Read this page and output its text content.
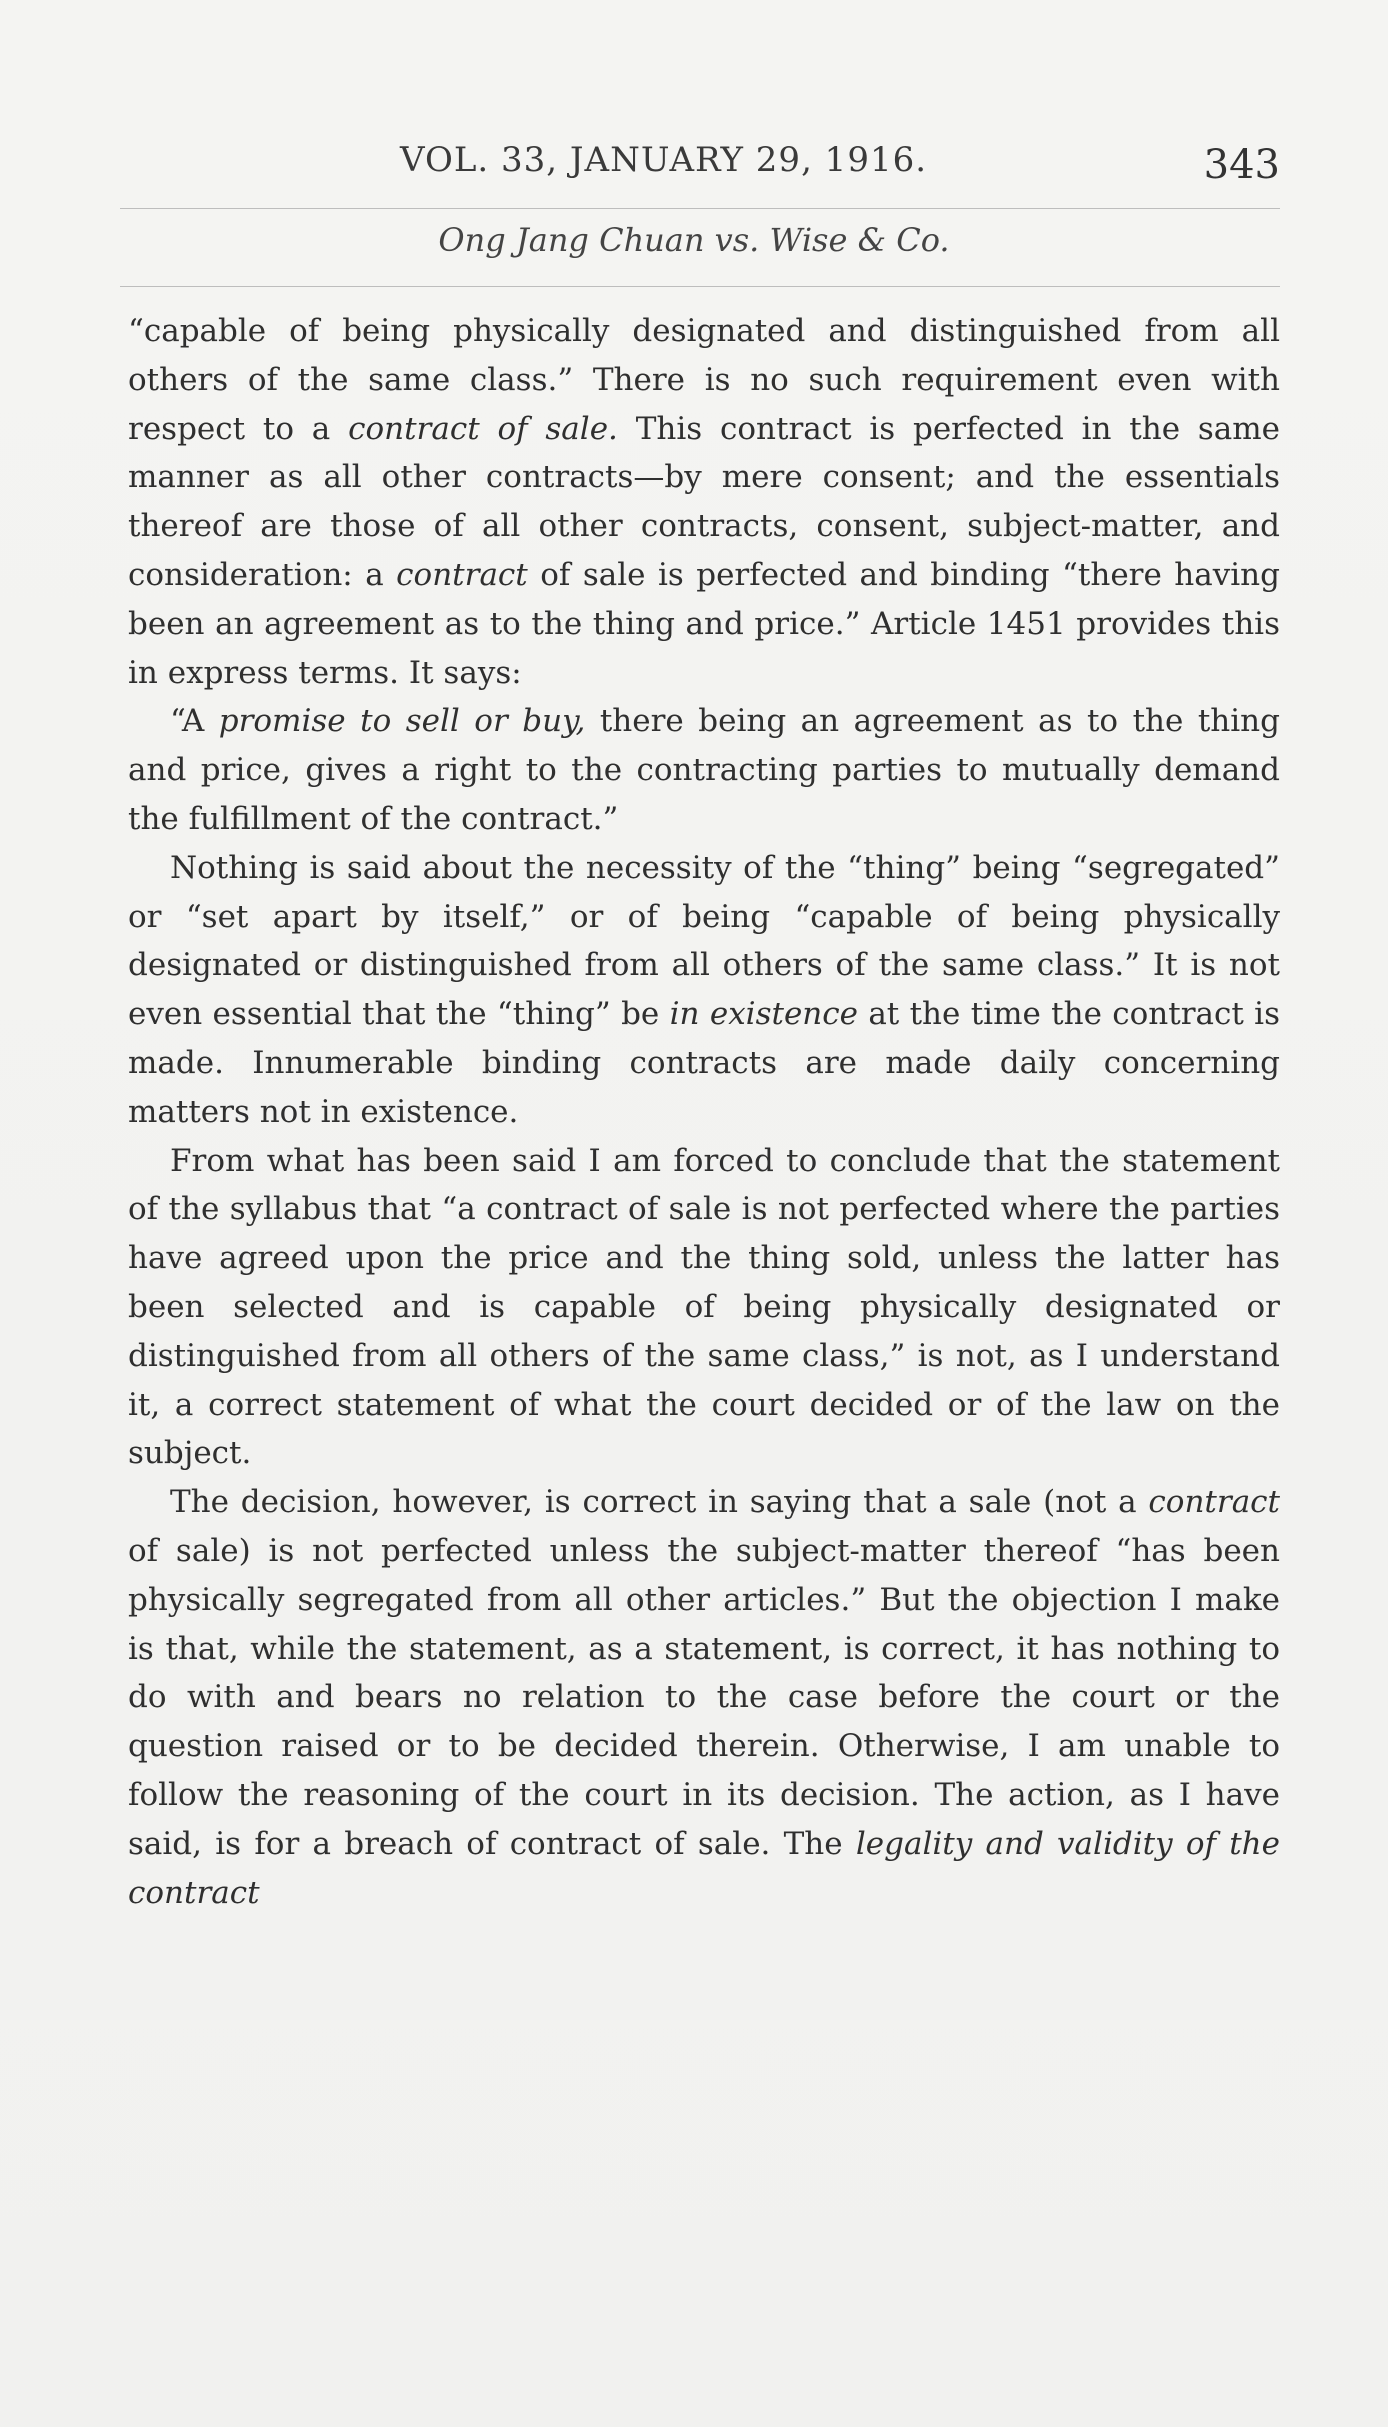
VOL. 33, JANUARY 29, 1916.	343
Ong Jang Chuan vs. Wise & Co.

“capable of being physically designated and distinguished from all others of the same class.” There is no such requirement even with respect to a contract of sale. This contract is perfected in the same manner as all other contracts—by mere consent; and the essentials thereof are those of all other contracts, consent, subject-matter, and consideration: a contract of sale is perfected and binding “there having been an agreement as to the thing and price.” Article 1451 provides this in express terms. It says:

“A promise to sell or buy, there being an agreement as to the thing and price, gives a right to the contracting parties to mutually demand the fulfillment of the contract.”

Nothing is said about the necessity of the “thing” being “segregated” or “set apart by itself,” or of being “capable of being physically designated or distinguished from all others of the same class.” It is not even essential that the “thing” be in existence at the time the contract is made. Innumerable binding contracts are made daily concerning matters not in existence.

From what has been said I am forced to conclude that the statement of the syllabus that “a contract of sale is not perfected where the parties have agreed upon the price and the thing sold, unless the latter has been selected and is capable of being physically designated or distinguished from all others of the same class,” is not, as I understand it, a correct statement of what the court decided or of the law on the subject.

The decision, however, is correct in saying that a sale (not a contract of sale) is not perfected unless the subject-matter thereof “has been physically segregated from all other articles.” But the objection I make is that, while the statement, as a statement, is correct, it has nothing to do with and bears no relation to the case before the court or the question raised or to be decided therein. Otherwise, I am unable to follow the reasoning of the court in its decision. The action, as I have said, is for a breach of contract of sale. The legality and validity of the contract
